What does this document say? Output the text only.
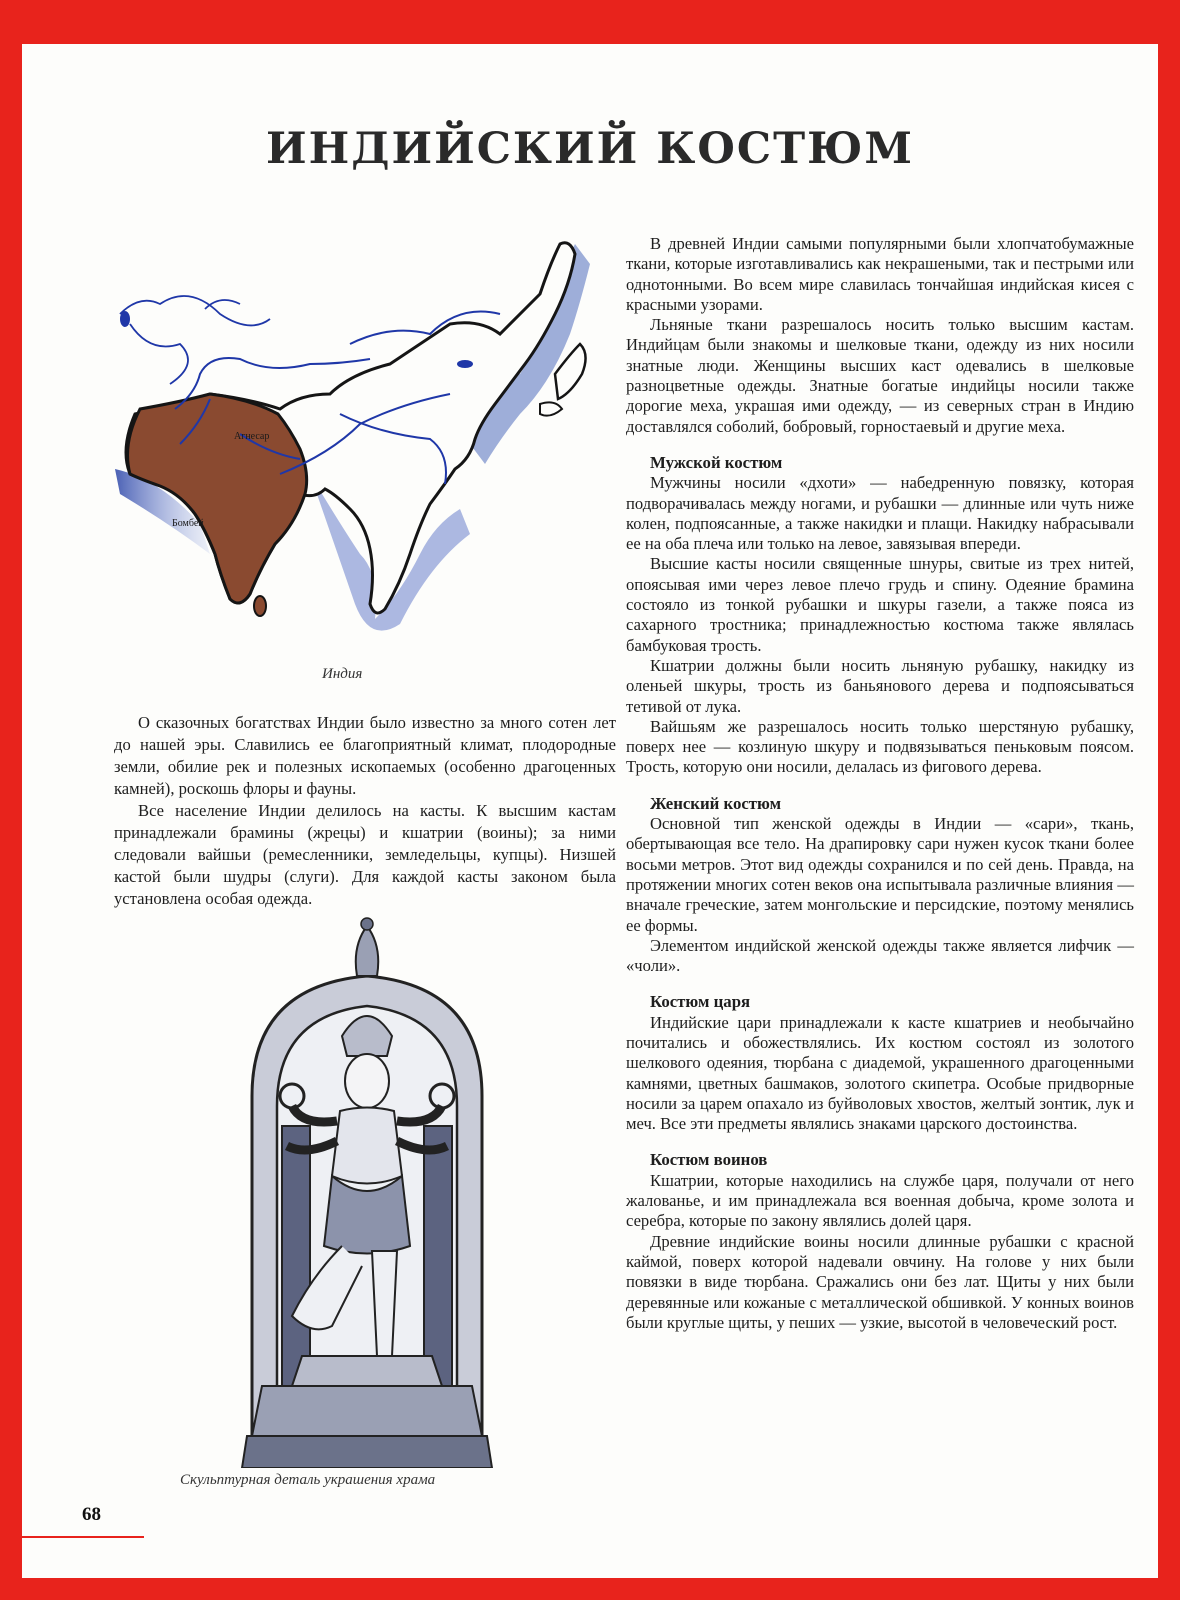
ИНДИЙСКИЙ КОСТЮМ
Агнесар
Бомбей

Индия

О сказочных богатствах Индии было известно за много сотен лет до нашей эры. Славились ее благоприятный климат, плодородные земли, обилие рек и полезных ископаемых (особенно драгоценных камней), роскошь флоры и фауны.

Все население Индии делилось на касты. К высшим кастам принадлежали брамины (жрецы) и кшатрии (воины); за ними следовали вайшьи (ремесленники, земледельцы, купцы). Низшей кастой были шудры (слуги). Для каждой касты законом была установлена особая одежда.

Скульптурная деталь украшения храма

В древней Индии самыми популярными были хлопчатобумажные ткани, которые изготавливались как некрашеными, так и пестрыми или однотонными. Во всем мире славилась тончайшая индийская кисея с красными узорами.

Льняные ткани разрешалось носить только высшим кастам. Индийцам были знакомы и шелковые ткани, одежду из них носили знатные люди. Женщины высших каст одевались в шелковые разноцветные одежды. Знатные богатые индийцы носили также дорогие меха, украшая ими одежду, — из северных стран в Индию доставлялся соболий, бобровый, горностаевый и другие меха.

Мужской костюм

Мужчины носили «дхоти» — набедренную повязку, которая подворачивалась между ногами, и рубашки — длинные или чуть ниже колен, подпоясанные, а также накидки и плащи. Накидку набрасывали ее на оба плеча или только на левое, завязывая впереди.

Высшие касты носили священные шнуры, свитые из трех нитей, опоясывая ими через левое плечо грудь и спину. Одеяние брамина состояло из тонкой рубашки и шкуры газели, а также пояса из сахарного тростника; принадлежностью костюма также являлась бамбуковая трость.

Кшатрии должны были носить льняную рубашку, накидку из оленьей шкуры, трость из баньянового дерева и подпоясываться тетивой от лука.

Вайшьям же разрешалось носить только шерстяную рубашку, поверх нее — козлиную шкуру и подвязываться пеньковым поясом. Трость, которую они носили, делалась из фигового дерева.

Женский костюм

Основной тип женской одежды в Индии — «сари», ткань, обертывающая все тело. На драпировку сари нужен кусок ткани более восьми метров. Этот вид одежды сохранился и по сей день. Правда, на протяжении многих сотен веков она испытывала различные влияния — вначале греческие, затем монгольские и персидские, поэтому менялись ее формы.

Элементом индийской женской одежды также является лифчик — «чоли».

Костюм царя

Индийские цари принадлежали к касте кшатриев и необычайно почитались и обожествлялись. Их костюм состоял из золотого шелкового одеяния, тюрбана с диадемой, украшенного драгоценными камнями, цветных башмаков, золотого скипетра. Особые придворные носили за царем опахало из буйволовых хвостов, желтый зонтик, лук и меч. Все эти предметы являлись знаками царского достоинства.

Костюм воинов

Кшатрии, которые находились на службе царя, получали от него жалованье, и им принадлежала вся военная добыча, кроме золота и серебра, которые по закону являлись долей царя.

Древние индийские воины носили длинные рубашки с красной каймой, поверх которой надевали овчину. На голове у них были повязки в виде тюрбана. Сражались они без лат. Щиты у них были деревянные или кожаные с металлической обшивкой. У конных воинов были круглые щиты, у пеших — узкие, высотой в человеческий рост.

68
